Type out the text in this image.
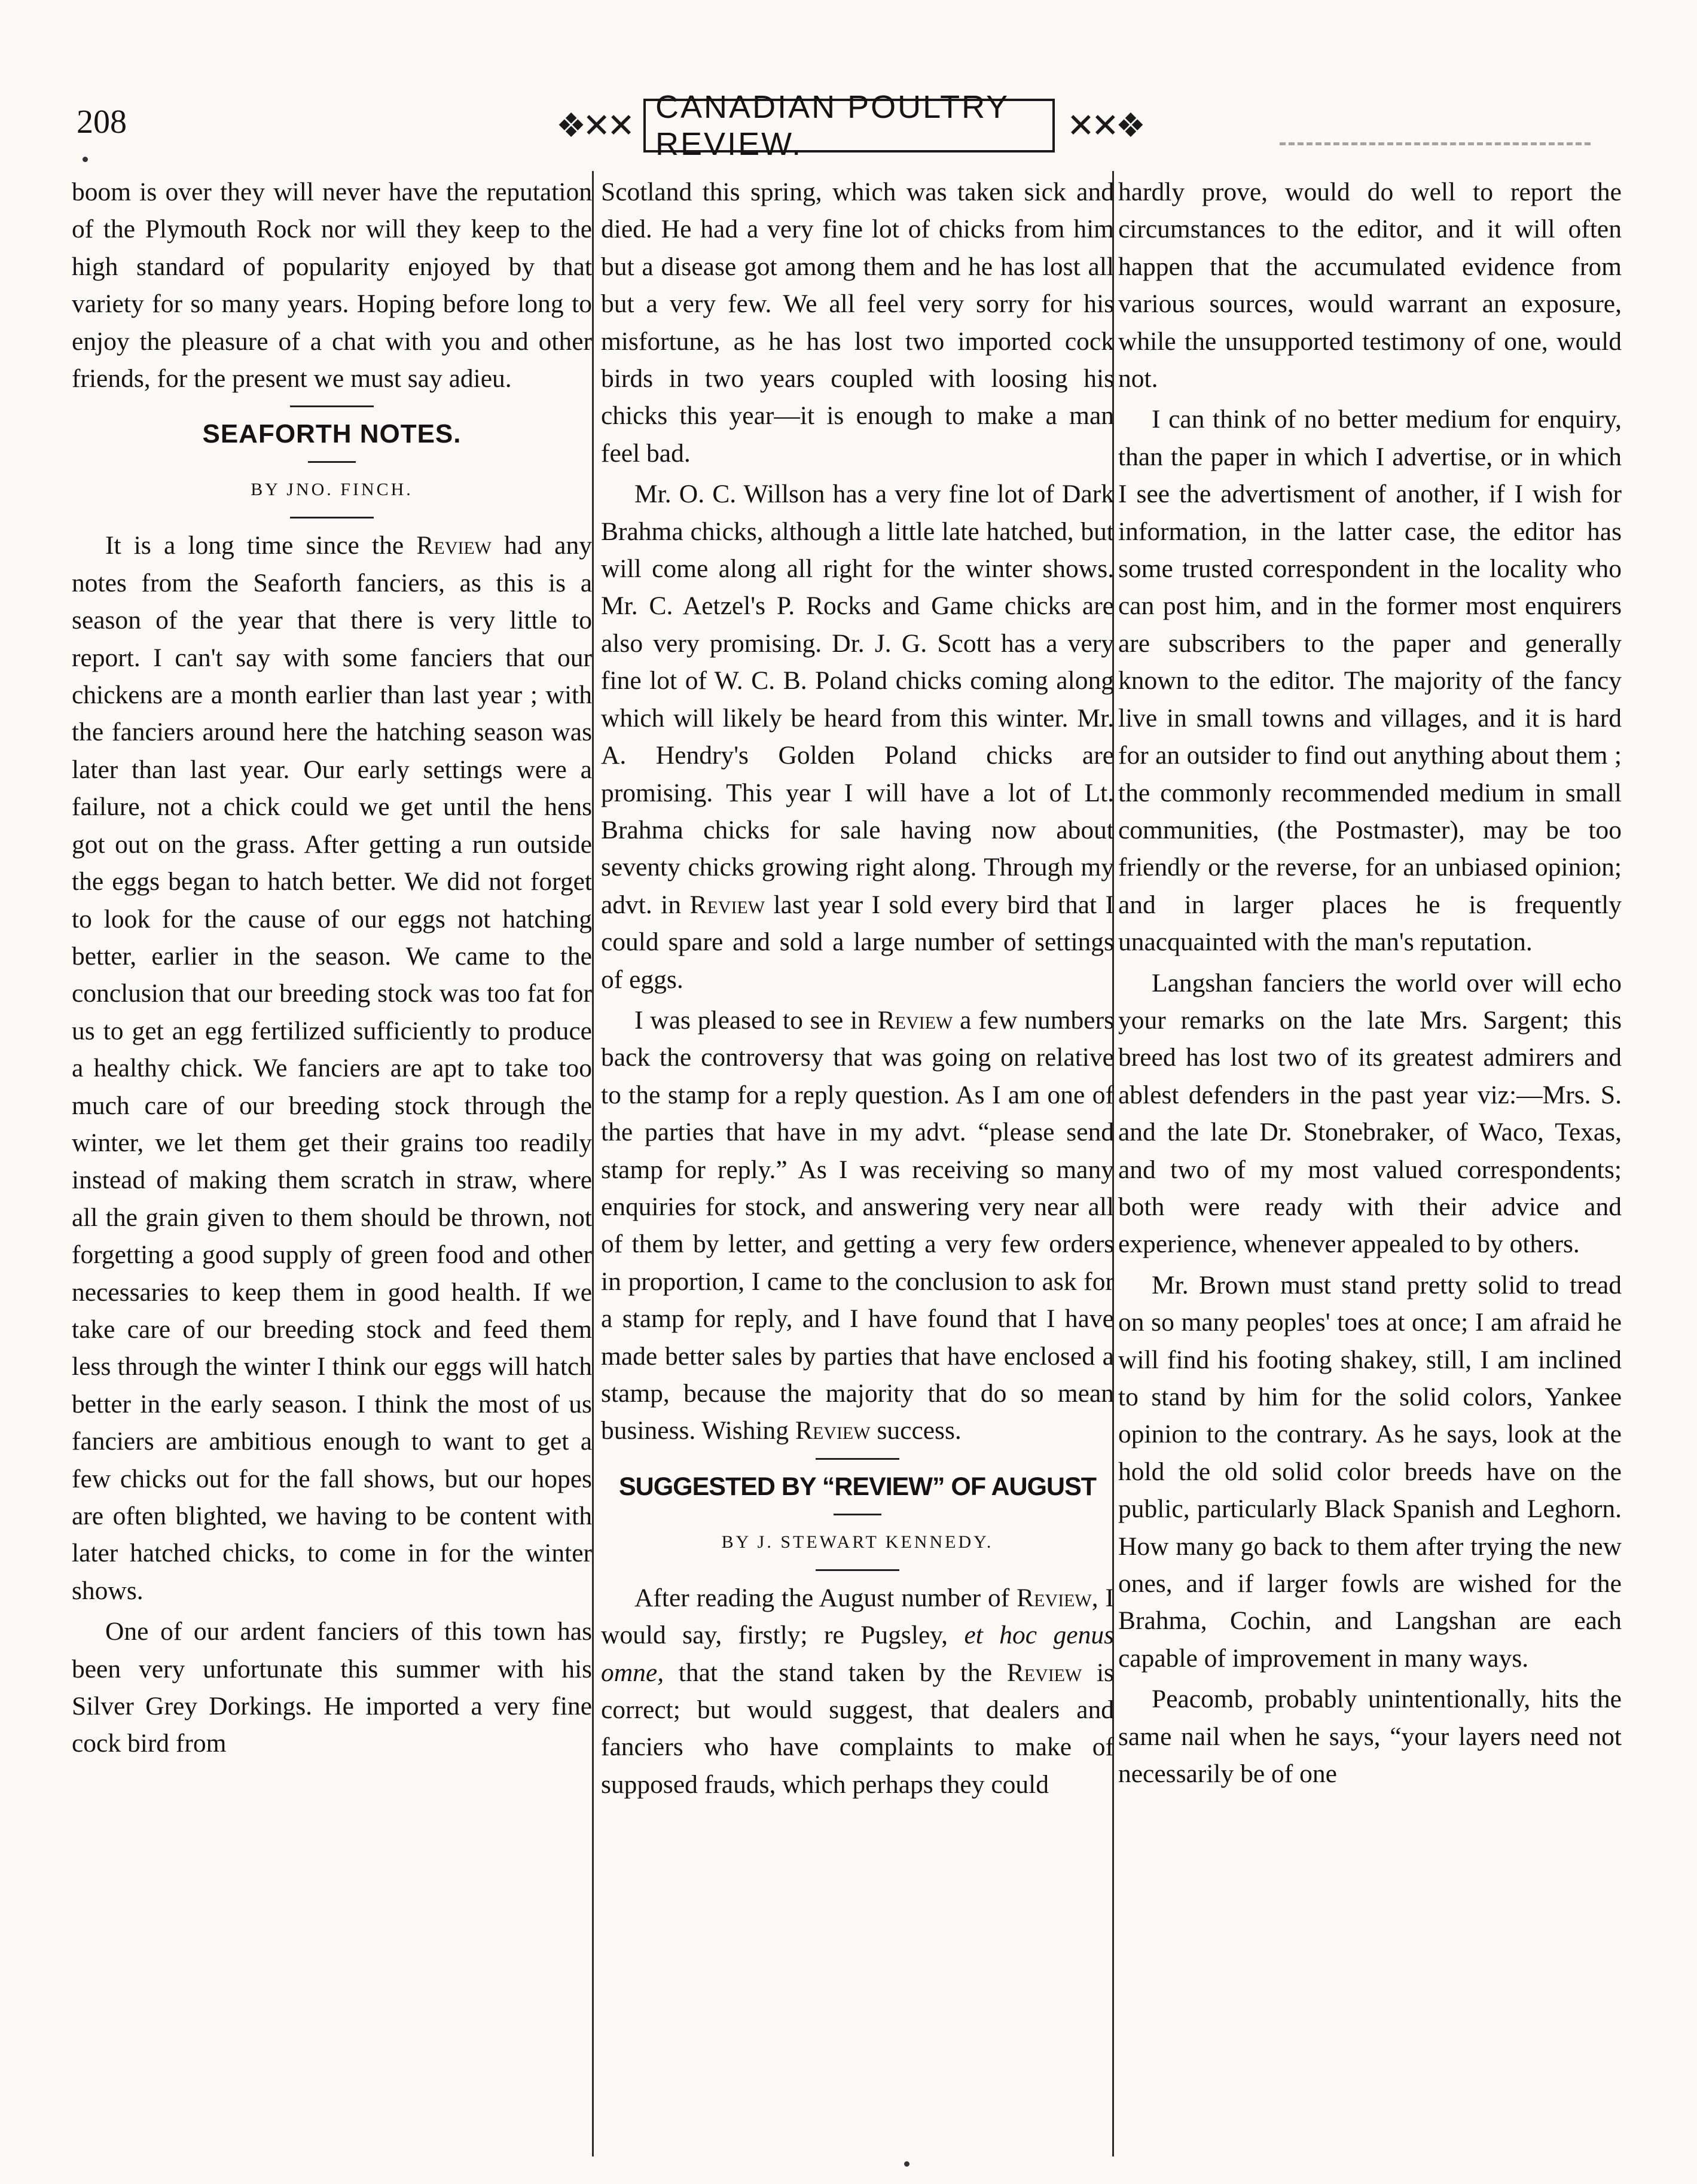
208	❖✕✕
CANADIAN POULTRY REVIEW.	✕✕❖

boom is over they will never have the reputation of the Plymouth Rock nor will they keep to the high standard of popularity enjoyed by that variety for so many years. Hoping before long to enjoy the pleasure of a chat with you and other friends, for the present we must say adieu.

SEAFORTH NOTES.
BY JNO. FINCH.

It is a long time since the Review had any notes from the Seaforth fanciers, as this is a season of the year that there is very little to report. I can't say with some fanciers that our chickens are a month earlier than last year ; with the fanciers around here the hatching season was later than last year. Our early settings were a failure, not a chick could we get until the hens got out on the grass. After getting a run outside the eggs began to hatch better. We did not forget to look for the cause of our eggs not hatching better, earlier in the season. We came to the conclusion that our breeding stock was too fat for us to get an egg fertilized sufficiently to produce a healthy chick. We fanciers are apt to take too much care of our breeding stock through the winter, we let them get their grains too readily instead of making them scratch in straw, where all the grain given to them should be thrown, not forgetting a good supply of green food and other necessaries to keep them in good health. If we take care of our breeding stock and feed them less through the winter I think our eggs will hatch better in the early season. I think the most of us fanciers are ambitious enough to want to get a few chicks out for the fall shows, but our hopes are often blighted, we having to be content with later hatched chicks, to come in for the winter shows.

One of our ardent fanciers of this town has been very unfortunate this summer with his Silver Grey Dorkings. He imported a very fine cock bird from

Scotland this spring, which was taken sick and died. He had a very fine lot of chicks from him but a disease got among them and he has lost all but a very few. We all feel very sorry for his misfortune, as he has lost two imported cock birds in two years coupled with loosing his chicks this year—it is enough to make a man feel bad.

Mr. O. C. Willson has a very fine lot of Dark Brahma chicks, although a little late hatched, but will come along all right for the winter shows. Mr. C. Aetzel's P. Rocks and Game chicks are also very promising. Dr. J. G. Scott has a very fine lot of W. C. B. Poland chicks coming along which will likely be heard from this winter. Mr. A. Hendry's Golden Poland chicks are promising. This year I will have a lot of Lt. Brahma chicks for sale having now about seventy chicks growing right along. Through my advt. in Review last year I sold every bird that I could spare and sold a large number of settings of eggs.

I was pleased to see in Review a few numbers back the controversy that was going on relative to the stamp for a reply question. As I am one of the parties that have in my advt. “please send stamp for reply.” As I was receiving so many enquiries for stock, and answering very near all of them by letter, and getting a very few orders in proportion, I came to the conclusion to ask for a stamp for reply, and I have found that I have made better sales by parties that have enclosed a stamp, because the majority that do so mean business. Wishing Review success.

SUGGESTED BY “REVIEW” OF AUGUST
BY J. STEWART KENNEDY.

After reading the August number of Review, I would say, firstly; re Pugsley, et hoc genus omne, that the stand taken by the Review is correct; but would suggest, that dealers and fanciers who have complaints to make of supposed frauds, which perhaps they could

hardly prove, would do well to report the circumstances to the editor, and it will often happen that the accumulated evidence from various sources, would warrant an exposure, while the unsupported testimony of one, would not.

I can think of no better medium for enquiry, than the paper in which I advertise, or in which I see the advertisment of another, if I wish for information, in the latter case, the editor has some trusted correspondent in the locality who can post him, and in the former most enquirers are subscribers to the paper and generally known to the editor. The majority of the fancy live in small towns and villages, and it is hard for an outsider to find out anything about them ; the commonly recommended medium in small communities, (the Postmaster), may be too friendly or the reverse, for an unbiased opinion; and in larger places he is frequently unacquainted with the man's reputation.

Langshan fanciers the world over will echo your remarks on the late Mrs. Sargent; this breed has lost two of its greatest admirers and ablest defenders in the past year viz:—Mrs. S. and the late Dr. Stonebraker, of Waco, Texas, and two of my most valued correspondents; both were ready with their advice and experience, whenever appealed to by others.

Mr. Brown must stand pretty solid to tread on so many peoples' toes at once; I am afraid he will find his footing shakey, still, I am inclined to stand by him for the solid colors, Yankee opinion to the contrary. As he says, look at the hold the old solid color breeds have on the public, particularly Black Spanish and Leghorn. How many go back to them after trying the new ones, and if larger fowls are wished for the Brahma, Cochin, and Langshan are each capable of improvement in many ways.

Peacomb, probably unintentionally, hits the same nail when he says, “your layers need not necessarily be of one
